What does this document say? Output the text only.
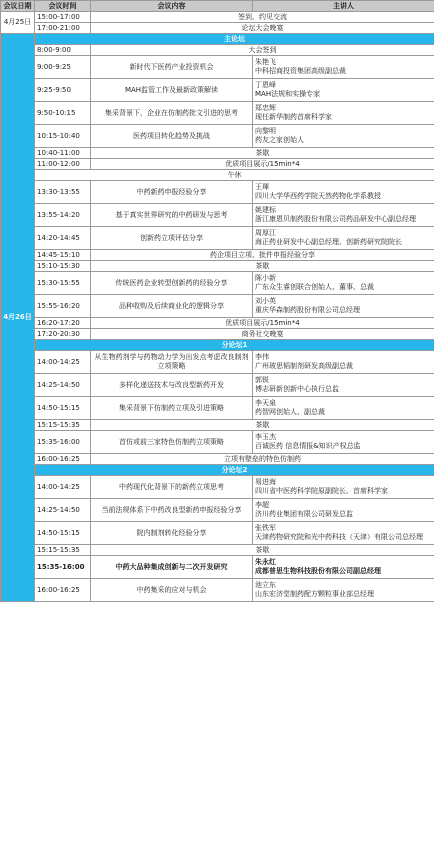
会议日期	会议时间	会议内容	主讲人
4月25日	15:00-17:00	签到、约见交流	
	17:00-21:00	论坛大会晚宴	
4月26日	主论坛		
	8:00-9:00	大会签到	
	9:00-9:25	新时代下医药产业投资机会	朱艳飞
中科招商投资集团高级副总裁

	9:25-9:50	MAH监管工作及最新政策解读	丁恩峰
MAH法规和实操专家

	9:50-10:15	集采背景下，企业在仿制药批文引进的思考	郑忠辉
现任新华制药首席科学家

	10:15-10:40	医药项目转化趋势及挑战	向黎明
药友之家创始人

	10:40-11:00	茶歇	
	11:00-12:00	优质项目展示/15min*4	
	午休		
	13:30-13:55	中药新药申报经验分享	王琿
四川大学华西药学院天然药物化学系教授

	13:55-14:20	基于真实世界研究的中药研发与思考	姚建标
浙江康恩贝制药股份有限公司药品研发中心副总经理

	14:20-14:45	创新药立项评估分享	周厚江
海正药业研发中心副总经理、创新药研究院院长

	14:45-15:10	药企项目立项、批件申报经验分享	
	15:10-15:30	茶歇	
	15:30-15:55	传统医药企业转型创新药的经验分享	陈小新
广东众生睿创联合创始人、董事、总裁

	15:55-16:20	品种收购及后续商业化的逻辑分享	刘小英
重庆华森制药股份有限公司总经理

	16:20-17:20	优质项目展示/15min*4	
	17:20-20:30	商务社交晚宴	
	分论坛1		
	14:00-14:25	从生物药剂学与药物动力学为出发点考虑改良制剂立项策略	李伟
广州玻思韬制剂研发高级副总裁

	14:25-14:50	多样化递送技术与改良型新药开发	郭锐
博志研新创新中心执行总监

	14:50-15:15	集采背景下仿制药立项及引进策略	李天泉
药智网创始人、副总裁

	15:15-15:35	茶歇	
	15:35-16:00	首仿或前三家特色仿制药立项策略	李玉杰
百诚医药 信息情报&知识产权总监

	16:00-16:25	立项有壁垒的特色仿制药	
	分论坛2		
	14:00-14:25	中药现代化背景下的新药立项思考	易进海
四川省中医药科学院原副院长、首席科学家

	14:25-14:50	当前法规体系下中药改良型新药申报经验分享	李超
济川药业集团有限公司研发总监

	14:50-15:15	院内制剂转化经验分享	张铁军
天津药物研究院和光中药科技（天津）有限公司总经理

	15:15-15:35	茶歇	
	15:35-16:00	中药大品种集成创新与二次开发研究	朱永红
成都普思生物科技股份有限公司副总经理

	16:00-16:25	中药集采的应对与机会	池立东
山东宏济堂制药配方颗粒事业部总经理
